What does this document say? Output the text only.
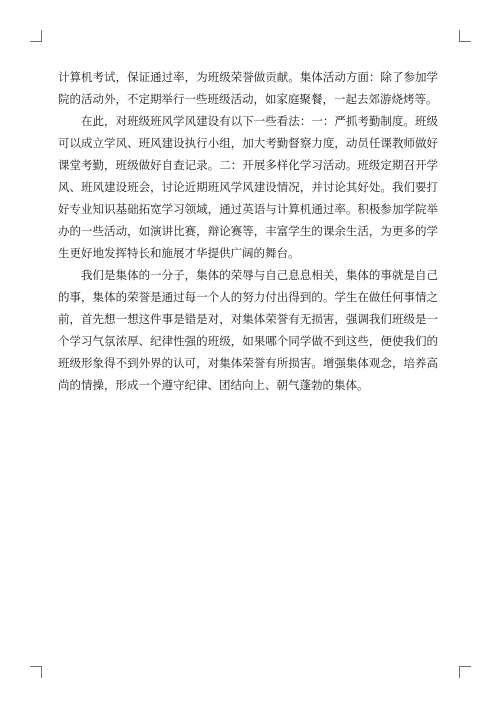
计算机考试，保证通过率，为班级荣誉做贡献。集体活动方面：除了参加学院的活动外，不定期举行一些班级活动，如家庭聚餐，一起去郊游烧烤等。

在此，对班级班风学风建设有以下一些看法：一：严抓考勤制度。班级可以成立学风、班风建设执行小组，加大考勤督察力度，动员任课教师做好课堂考勤，班级做好自查记录。二：开展多样化学习活动。班级定期召开学风、班风建设班会，讨论近期班风学风建设情况，并讨论其好处。我们要打好专业知识基础拓宽学习领域，通过英语与计算机通过率。积极参加学院举办的一些活动，如演讲比赛，辩论赛等，丰富学生的课余生活，为更多的学生更好地发挥特长和施展才华提供广阔的舞台。

我们是集体的一分子，集体的荣辱与自己息息相关，集体的事就是自己的事，集体的荣誉是通过每一个人的努力付出得到的。学生在做任何事情之前，首先想一想这件事是错是对，对集体荣誉有无损害，强调我们班级是一个学习气氛浓厚、纪律性强的班级，如果哪个同学做不到这些，便使我们的班级形象得不到外界的认可，对集体荣誉有所损害。增强集体观念，培养高尚的情操，形成一个遵守纪律、团结向上、朝气蓬勃的集体。
